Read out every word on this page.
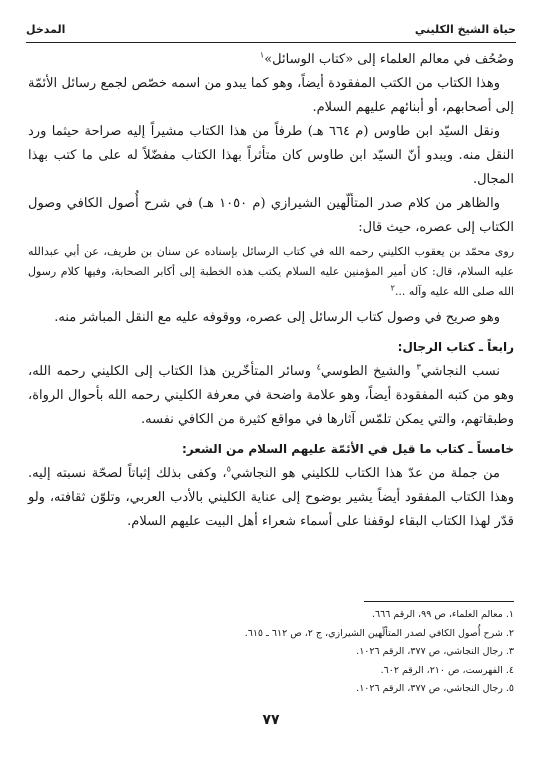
حياة الشيخ الكليني
المدخل

وصُحُف في معالم العلماء إلى «كتاب الوسائل»$^١$

وهذا الكتاب من الكتب المفقودة أيضاً، وهو كما يبدو من اسمه خصّص لجمع رسائل الأئمّة إلى أصحابهم، أو أبنائهم عليهم السلام.

ونقل السيّد ابن طاوس (م ٦٦٤ هـ) طرفاً من هذا الكتاب مشيراً إليه صراحة حيثما ورد النقل منه. ويبدو أنّ السيّد ابن طاوس كان متأثراً بهذا الكتاب مفضّلاً له على ما كتب بهذا المجال.

والظاهر من كلام صدر المتألّهين الشيرازي (م ١٠٥٠ هـ) في شرح أُصول الكافي وصول الكتاب إلى عصره، حيث قال:

روى محمّد بن يعقوب الكليني رحمه الله في كتاب الرسائل بإسناده عن سنان بن طريف، عن أبي عبدالله عليه السلام، قال: كان أمير المؤمنين عليه السلام يكتب هذه الخطبة إلى أكابر الصحابة، وفيها كلام رسول الله صلى الله عليه وآله ...$^٢$

وهو صريح في وصول كتاب الرسائل إلى عصره، ووقوفه عليه مع النقل المباشر منه.

رابعاً ـ كتاب الرجال:

نسب النجاشي$^٣$ والشيخ الطوسي$^٤$ وسائر المتأخّرين هذا الكتاب إلى الكليني رحمه الله، وهو من كتبه المفقودة أيضاً، وهو علامة واضحة في معرفة الكليني رحمه الله بأحوال الرواة، وطبقاتهم، والتي يمكن تلمّس آثارها في مواقع كثيرة من الكافي نفسه.

خامساً ـ كتاب ما قيل في الأئمّة عليهم السلام من الشعر:

من جملة من عدّ هذا الكتاب للكليني هو النجاشي$^٥$، وكفى بذلك إثباتاً لصحّة نسبته إليه. وهذا الكتاب المفقود أيضاً يشير بوضوح إلى عناية الكليني بالأدب العربي، وتلوّن ثقافته، ولو قدّر لهذا الكتاب البقاء لوقفنا على أسماء شعراء أهل البيت عليهم السلام.

١. معالم العلماء، ص ٩٩، الرقم ٦٦٦.
٢. شرح أُصول الكافي لصدر المتألّهين الشيرازي، ج ٢، ص ٦١٢ ـ ٦١٥.
٣. رجال النجاشي، ص ٣٧٧، الرقم ١٠٢٦.
٤. الفهرست، ص ٢١٠، الرقم ٦٠٢.
٥. رجال النجاشي، ص ٣٧٧، الرقم ١٠٢٦.
٧٧
